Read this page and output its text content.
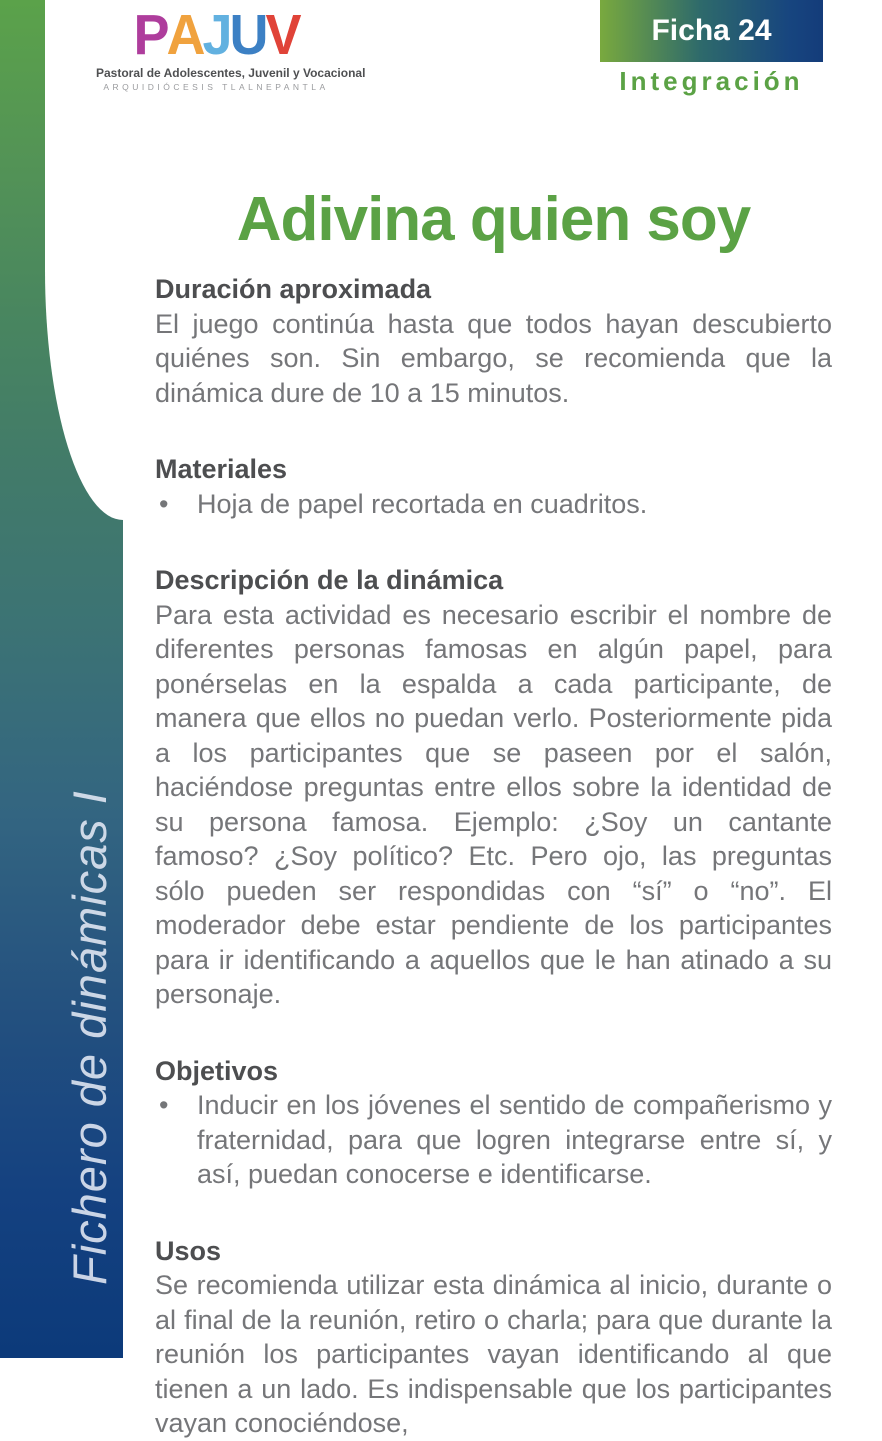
Fichero de dinámicas I
PAJUV
Pastoral de Adolescentes, Juvenil y Vocacional
ARQUIDIÓCESIS TLALNEPANTLA
Ficha 24
Integración
Adivina quien soy
Duración aproximada

El juego continúa hasta que todos hayan descubierto quiénes son. Sin embargo, se recomienda que la dinámica dure de 10 a 15 minutos.

Materiales
• Hoja de papel recortada en cuadritos.
Descripción de la dinámica

Para esta actividad es necesario escribir el nombre de diferentes personas famosas en algún papel, para ponérselas en la espalda a cada participante, de manera que ellos no puedan verlo. Posteriormente pida a los participantes que se paseen por el salón, haciéndose preguntas entre ellos sobre la identidad de su persona famosa. Ejemplo: ¿Soy un cantante famoso? ¿Soy político? Etc. Pero ojo, las preguntas sólo pueden ser respondidas con “sí” o “no”. El moderador debe estar pendiente de los participantes para ir identificando a aquellos que le han atinado a su personaje.

Objetivos
• Inducir en los jóvenes el sentido de compañerismo y fraternidad, para que logren integrarse entre sí, y así, puedan conocerse e identificarse.
Usos

Se recomienda utilizar esta dinámica al inicio, durante o al final de la reunión, retiro o charla; para que durante la reunión los participantes vayan identificando al que tienen a un lado. Es indispensable que los participantes vayan conociéndose,
